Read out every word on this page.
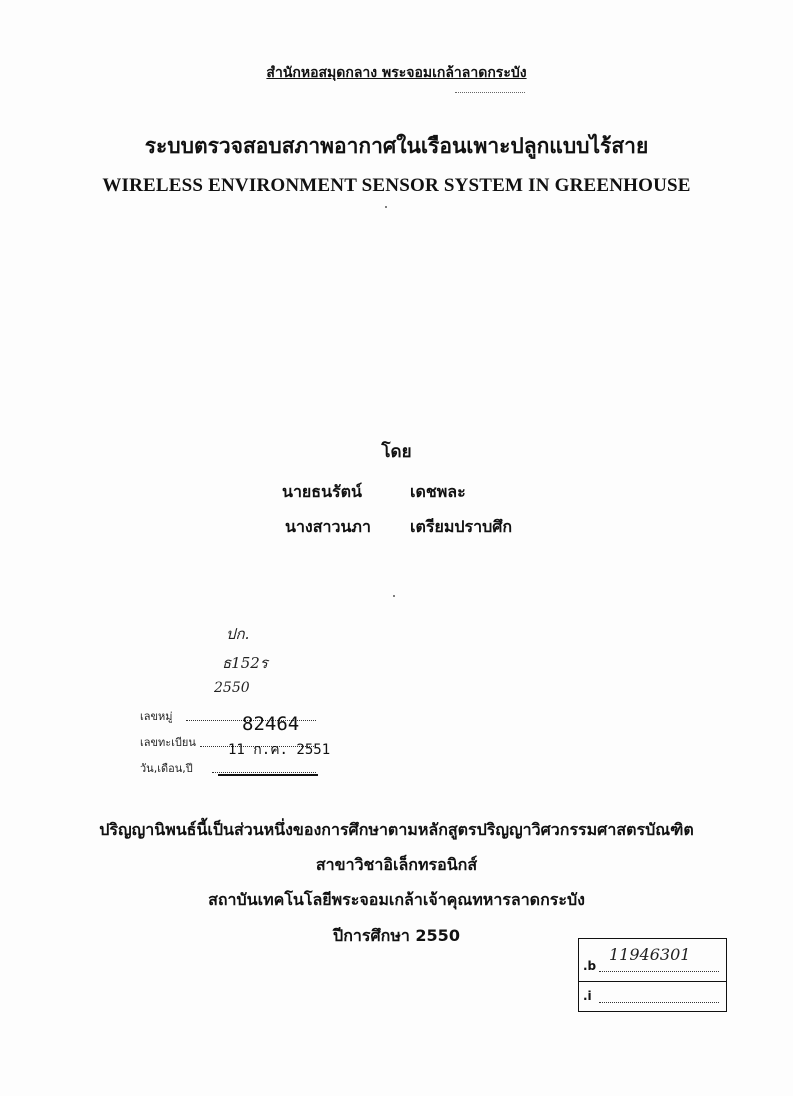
สำนักหอสมุดกลาง พระจอมเกล้าลาดกระบัง
ระบบตรวจสอบสภาพอากาศในเรือนเพาะปลูกแบบไร้สาย
WIRELESS ENVIRONMENT SENSOR SYSTEM IN GREENHOUSE
โดย
นายธนรัตน์	เดชพละ
นางสาวนภา เตรียมปราบศึก
ปก.
ธ152ร
2550
เลขหมู่
เลขทะเบียน
82464
วัน,เดือน,ปี
11 ก.ค. 2551
ปริญญานิพนธ์นี้เป็นส่วนหนึ่งของการศึกษาตามหลักสูตรปริญญาวิศวกรรมศาสตรบัณฑิต
สาขาวิชาอิเล็กทรอนิกส์
สถาบันเทคโนโลยีพระจอมเกล้าเจ้าคุณทหารลาดกระบัง
ปีการศึกษา 2550
.b
11946301
.i
